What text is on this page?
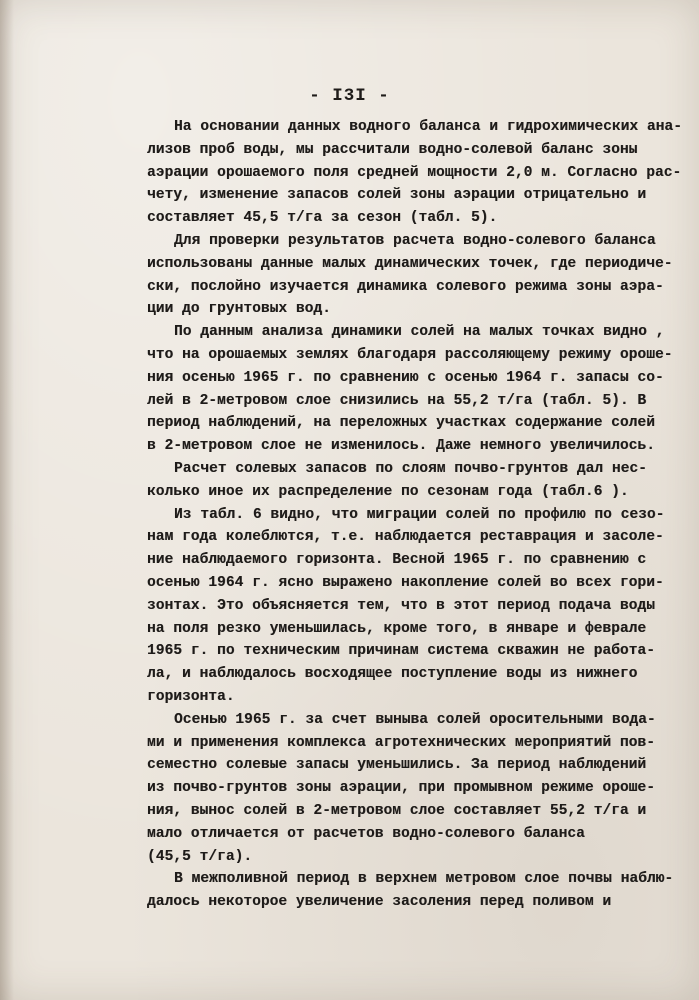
- I3I -
На основании данных водного баланса и гидрохимических ана-
лизов проб воды, мы рассчитали водно-солевой баланс зоны
аэрации орошаемого поля средней мощности 2,0 м. Согласно рас-
чету, изменение запасов солей зоны аэрации отрицательно и
составляет 45,5 т/га за сезон (табл. 5).
Для проверки результатов расчета водно-солевого баланса
использованы данные малых динамических точек, где периодиче-
ски, послойно изучается динамика солевого режима зоны аэра-
ции до грунтовых вод.
По данным анализа динамики солей на малых точках видно ,
что на орошаемых землях благодаря рассоляющему режиму ороше-
ния осенью 1965 г. по сравнению с осенью 1964 г. запасы со-
лей в 2-метровом слое снизились на 55,2 т/га (табл. 5). В
период наблюдений, на переложных участках содержание солей
в 2-метровом слое не изменилось. Даже немного увеличилось.
Расчет солевых запасов по слоям почво-грунтов дал нес-
колько иное их распределение по сезонам года (табл.6 ).
Из табл. 6 видно, что миграции солей по профилю по сезо-
нам года колеблются, т.е. наблюдается реставрация и засоле-
ние наблюдаемого горизонта. Весной 1965 г. по сравнению с
осенью 1964 г. ясно выражено накопление солей во всех гори-
зонтах. Это объясняется тем, что в этот период подача воды
на поля резко уменьшилась, кроме того, в январе и феврале
1965 г. по техническим причинам система скважин не работа-
ла, и наблюдалось восходящее поступление воды из нижнего
горизонта.
Осенью 1965 г. за счет выныва солей оросительными вода-
ми и применения комплекса агротехнических мероприятий пов-
семестно солевые запасы уменьшились. За период наблюдений
из почво-грунтов зоны аэрации, при промывном режиме ороше-
ния, вынос солей в 2-метровом слое составляет 55,2 т/га и
мало отличается от расчетов водно-солевого баланса
(45,5 т/га).
В межполивной период в верхнем метровом слое почвы наблю-
далось некоторое увеличение засоления перед поливом и
